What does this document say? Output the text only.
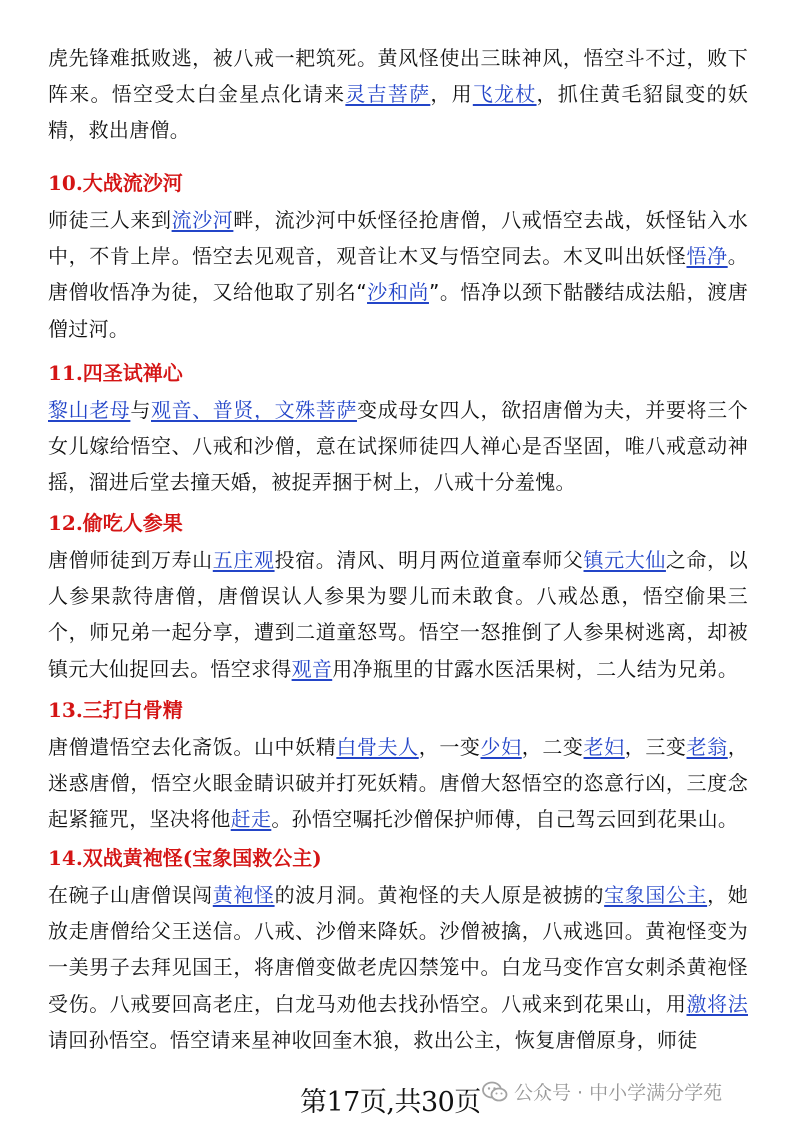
虎先锋难抵败逃，被八戒一耙筑死。黄风怪使出三昧神风，悟空斗不过，败下阵来。悟空受太白金星点化请来灵吉菩萨，用飞龙杖，抓住黄毛貂鼠变的妖精，救出唐僧。

10.大战流沙河

师徒三人来到流沙河畔，流沙河中妖怪径抢唐僧，八戒悟空去战，妖怪钻入水中，不肯上岸。悟空去见观音，观音让木叉与悟空同去。木叉叫出妖怪悟净。唐僧收悟净为徒，又给他取了别名“沙和尚”。悟净以颈下骷髅结成法船，渡唐僧过河。

11.四圣试禅心

黎山老母与观音、普贤，文殊菩萨变成母女四人，欲招唐僧为夫，并要将三个女儿嫁给悟空、八戒和沙僧，意在试探师徒四人禅心是否坚固，唯八戒意动神摇，溜进后堂去撞天婚，被捉弄捆于树上，八戒十分羞愧。

12.偷吃人参果

唐僧师徒到万寿山五庄观投宿。清风、明月两位道童奉师父镇元大仙之命，以人参果款待唐僧，唐僧误认人参果为婴儿而未敢食。八戒怂恿，悟空偷果三个，师兄弟一起分享，遭到二道童怒骂。悟空一怒推倒了人参果树逃离，却被镇元大仙捉回去。悟空求得观音用净瓶里的甘露水医活果树，二人结为兄弟。

13.三打白骨精

唐僧遣悟空去化斋饭。山中妖精白骨夫人，一变少妇，二变老妇，三变老翁，迷惑唐僧，悟空火眼金睛识破并打死妖精。唐僧大怒悟空的恣意行凶，三度念起紧箍咒，坚决将他赶走。孙悟空嘱托沙僧保护师傅，自己驾云回到花果山。

14.双战黄袍怪(宝象国救公主)

在碗子山唐僧误闯黄袍怪的波月洞。黄袍怪的夫人原是被掳的宝象国公主，她放走唐僧给父王送信。八戒、沙僧来降妖。沙僧被擒，八戒逃回。黄袍怪变为一美男子去拜见国王，将唐僧变做老虎囚禁笼中。白龙马变作宫女刺杀黄袍怪受伤。八戒要回高老庄，白龙马劝他去找孙悟空。八戒来到花果山，用激将法请回孙悟空。悟空请来星神收回奎木狼，救出公主，恢复唐僧原身，师徒

第17页,共30页 公众号 · 中小学满分学苑
